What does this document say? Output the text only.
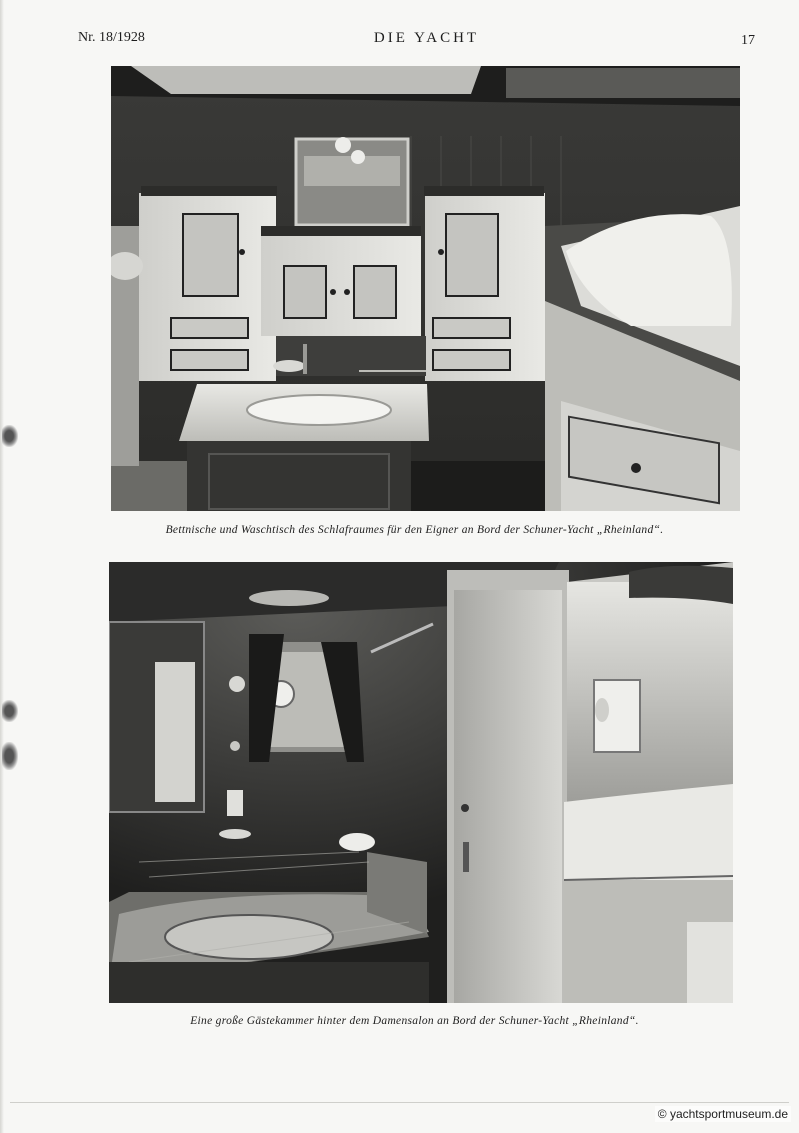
Nr. 18/1928	DIE YACHT	17
Bettnische und Waschtisch des Schlafraumes für den Eigner an Bord der Schuner-Yacht „Rheinland“.
Eine große Gästekammer hinter dem Damensalon an Bord der Schuner-Yacht „Rheinland“.
© yachtsportmuseum.de
